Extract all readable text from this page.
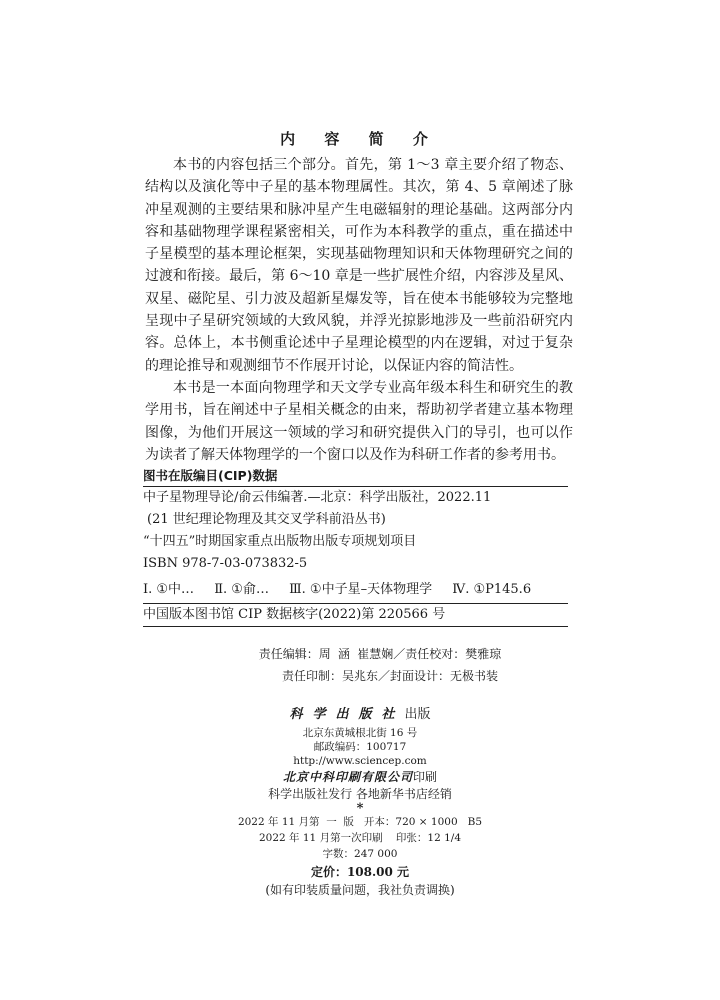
内 容 简 介

本书的内容包括三个部分。首先，第 1～3 章主要介绍了物态、结构以及演化等中子星的基本物理属性。其次，第 4、5 章阐述了脉冲星观测的主要结果和脉冲星产生电磁辐射的理论基础。这两部分内容和基础物理学课程紧密相关，可作为本科教学的重点，重在描述中子星模型的基本理论框架，实现基础物理知识和天体物理研究之间的过渡和衔接。最后，第 6～10 章是一些扩展性介绍，内容涉及星风、双星、磁陀星、引力波及超新星爆发等，旨在使本书能够较为完整地呈现中子星研究领域的大致风貌，并浮光掠影地涉及一些前沿研究内容。总体上，本书侧重论述中子星理论模型的内在逻辑，对过于复杂的理论推导和观测细节不作展开讨论，以保证内容的简洁性。

本书是一本面向物理学和天文学专业高年级本科生和研究生的教学用书，旨在阐述中子星相关概念的由来，帮助初学者建立基本物理图像，为他们开展这一领域的学习和研究提供入门的导引，也可以作为读者了解天体物理学的一个窗口以及作为科研工作者的参考用书。

图书在版编目(CIP)数据
中子星物理导论/俞云伟编著.—北京：科学出版社，2022.11
(21 世纪理论物理及其交叉学科前沿丛书)
“十四五”时期国家重点出版物出版专项规划项目
ISBN 978-7-03-073832-5
Ⅰ. ①中… Ⅱ. ①俞… Ⅲ. ①中子星–天体物理学 Ⅳ. ①P145.6
中国版本图书馆 CIP 数据核字(2022)第 220566 号
责任编辑：周 涵 崔慧娴／责任校对：樊雅琼
责任印制：吴兆东／封面设计：无极书装
科学出版社出版
北京东黄城根北街 16 号
邮政编码：100717
http://www.sciencep.com
北京中科印刷有限公司印刷
科学出版社发行 各地新华书店经销
*
2022 年 11 月第  一  版   开本：720 × 1000   B5
2022 年 11 月第一次印刷    印张：12 1/4
字数：247 000
定价：108.00 元
(如有印装质量问题，我社负责调换)
